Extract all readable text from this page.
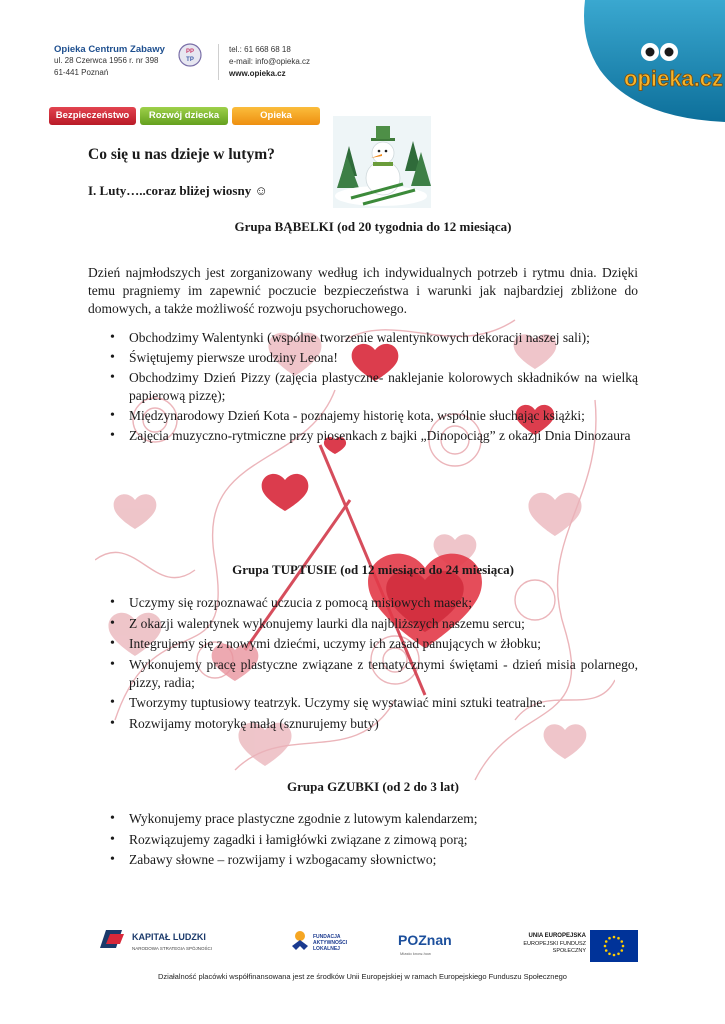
Opieka Centrum Zabawy
ul. 28 Czerwca 1956 r. nr 398
61-441 Poznań
PP
TP
tel.: 61 668 68 18
e-mail: info@opieka.cz
www.opieka.cz	opieka.cz
Bezpieczeństwo	Rozwój dziecka	Opieka
Co się u nas dzieje w lutym?
I. Luty…..coraz bliżej wiosny ☺
Grupa BĄBELKI (od 20 tygodnia do 12 miesiąca)
Dzień najmłodszych jest zorganizowany według ich indywidualnych potrzeb i rytmu dnia. Dzięki temu pragniemy im zapewnić poczucie bezpieczeństwa i warunki jak najbardziej zbliżone do domowych, a także możliwość rozwoju psychoruchowego.
• Obchodzimy Walentynki (wspólne tworzenie walentynkowych dekoracji naszej sali);
• Świętujemy pierwsze urodziny Leona!
• Obchodzimy Dzień Pizzy (zajęcia plastyczne- naklejanie kolorowych składników na wielką papierową pizzę);
• Międzynarodowy Dzień Kota - poznajemy historię kota, wspólnie słuchając książki;
• Zajęcia muzyczno-rytmiczne przy piosenkach z bajki „Dinopociąg” z okazji Dnia Dinozaura
Grupa TUPTUSIE (od 12 miesiąca do 24 miesiąca)
• Uczymy się rozpoznawać uczucia z pomocą misiowych masek;
• Z okazji walentynek wykonujemy laurki dla najbliższych naszemu sercu;
• Integrujemy się z nowymi dziećmi, uczymy ich zasad panujących w żłobku;
• Wykonujemy pracę plastyczne związane z tematycznymi świętami - dzień misia polarnego, pizzy, radia;
• Tworzymy tuptusiowy teatrzyk. Uczymy się wystawiać mini sztuki teatralne.
• Rozwijamy motorykę małą (sznurujemy buty)
Grupa GZUBKI (od 2 do 3 lat)
• Wykonujemy prace plastyczne zgodnie z lutowym kalendarzem;
• Rozwiązujemy zagadki i łamigłówki związane z zimową porą;
• Zabawy słowne – rozwijamy i wzbogacamy słownictwo;
KAPITAŁ LUDZKI
NARODOWA STRATEGIA SPÓJNOŚCI
FUNDACJA AKTYWNOŚCI LOKALNEJ
POZnan
Miasto know-how
UNIA EUROPEJSKA
EUROPEJSKI FUNDUSZ SPOŁECZNY
Działalność placówki współfinansowana jest ze środków Unii Europejskiej w ramach Europejskiego Funduszu Społecznego
